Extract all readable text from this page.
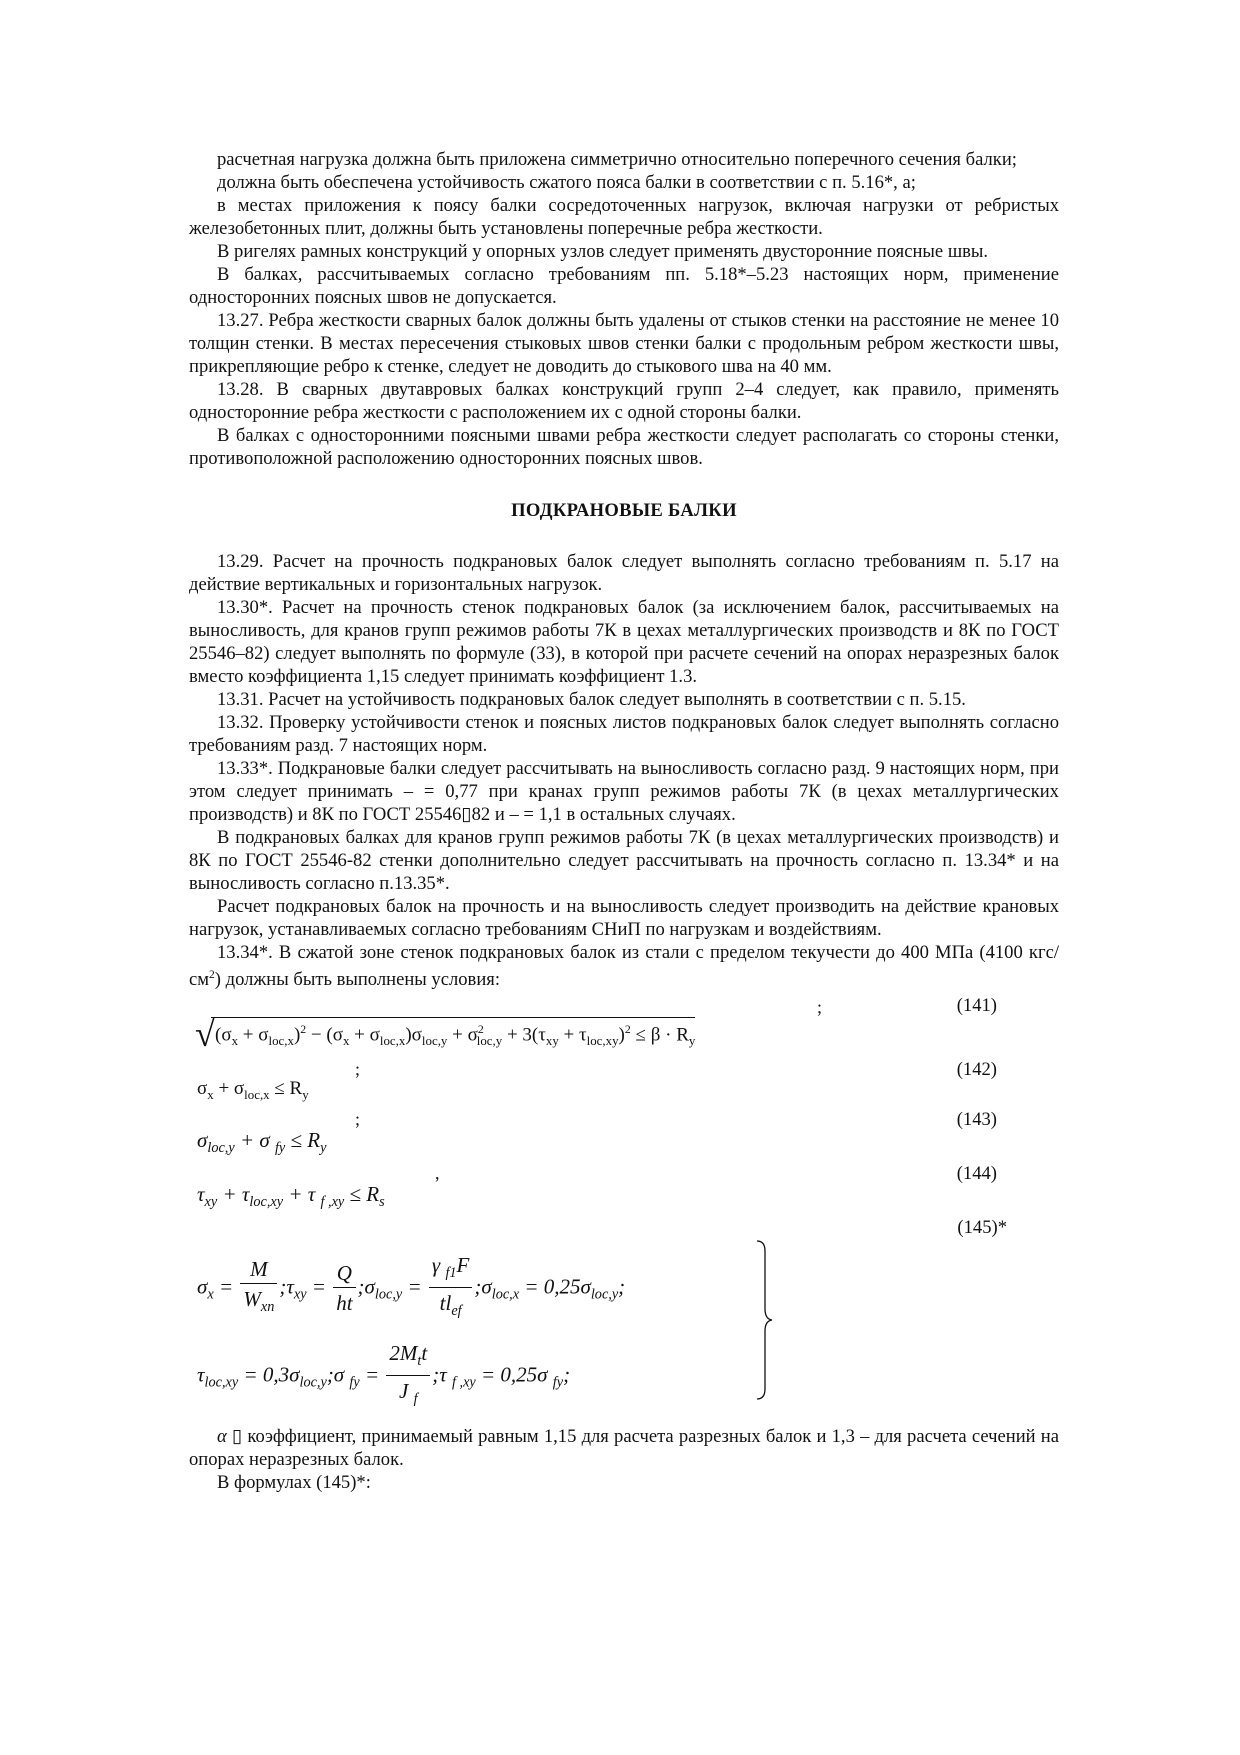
расчетная нагрузка должна быть приложена симметрично относительно поперечного сечения балки;

должна быть обеспечена устойчивость сжатого пояса балки в соответствии с п. 5.16*, а;

в местах приложения к поясу балки сосредоточенных нагрузок, включая нагрузки от ребристых железобетонных плит, должны быть установлены поперечные ребра жесткости.

В ригелях рамных конструкций у опорных узлов следует применять двусторонние поясные швы.

В балках, рассчитываемых согласно требованиям пп. 5.18*–5.23 настоящих норм, применение односторонних поясных швов не допускается.

13.27. Ребра жесткости сварных балок должны быть удалены от стыков стенки на расстояние не менее 10 толщин стенки. В местах пересечения стыковых швов стенки балки с продольным ребром жесткости швы, прикрепляющие ребро к стенке, следует не доводить до стыкового шва на 40 мм.

13.28. В сварных двутавровых балках конструкций групп 2–4 следует, как правило, применять односторонние ребра жесткости с расположением их с одной стороны балки.

В балках с односторонними поясными швами ребра жесткости следует располагать со стороны стенки, противоположной расположению односторонних поясных швов.

ПОДКРАНОВЫЕ БАЛКИ

13.29. Расчет на прочность подкрановых балок следует выполнять согласно требованиям п. 5.17 на действие вертикальных и горизонтальных нагрузок.

13.30*. Расчет на прочность стенок подкрановых балок (за исключением балок, рассчитываемых на выносливость, для кранов групп режимов работы 7К в цехах металлургических производств и 8К по ГОСТ 25546–82) следует выполнять по формуле (33), в которой при расчете сечений на опорах неразрезных балок вместо коэффициента 1,15 следует принимать коэффициент 1.3.

13.31. Расчет на устойчивость подкрановых балок следует выполнять в соответствии с п. 5.15.

13.32. Проверку устойчивости стенок и поясных листов подкрановых балок следует выполнять согласно требованиям разд. 7 настоящих норм.

13.33*. Подкрановые балки следует рассчитывать на выносливость согласно разд. 9 настоящих норм, при этом следует принимать – = 0,77 при кранах групп режимов работы 7К (в цехах металлургических производств) и 8К по ГОСТ 25546▯82 и – = 1,1 в остальных случаях.

В подкрановых балках для кранов групп режимов работы 7К (в цехах металлургических производств) и 8К по ГОСТ 25546-82 стенки дополнительно следует рассчитывать на прочность согласно п. 13.34* и на выносливость согласно п.13.35*.

Расчет подкрановых балок на прочность и на выносливость следует производить на действие крановых нагрузок, устанавливаемых согласно требованиям СНиП по нагрузкам и воздействиям.

13.34*. В сжатой зоне стенок подкрановых балок из стали с пределом текучести до 400 МПа (4100 кгс/$см^2$) должны быть выполнены условия:

√ $(\sigma_x + \sigma_{loc,x})^2 - (\sigma_x + \sigma_{loc,x})\sigma_{loc,y} + \sigma^2_{loc,y} + 3(\tau_{xy} + \tau_{loc,xy})^2 \le \beta \cdot R_y$
;	(141)
$\sigma_x + \sigma_{loc,x} \le R_y$
;	(142)
$\sigma_{loc,y} + \sigma$ $_{fy} \le R_y$
;	(143)
$\tau_{xy} + \tau_{loc,xy} + \tau$ $_{f ,xy} \le R_s$
,	(144)
(145)*
$\sigma_x = \frac{M}{W_{xn}}$ $;\tau_{xy} = \frac{Q}{ht}$ $;\sigma_{loc,y} = \frac{\gamma _{f1}F}{tl_{ef}}$ $;\sigma_{loc,x} = 0,25\sigma_{loc,y}$;
$\tau_{loc,xy}$ = $0,3\sigma_{loc,y};\sigma$ $_{fy} = \frac{2M_tt}{J _f}$ ;τ $_{f ,xy}$ = 0,25σ $_{fy}$;

α ▯ коэффициент, принимаемый равным 1,15 для расчета разрезных балок и 1,3 – для расчета сечений на опорах неразрезных балок.

В формулах (145)*:
